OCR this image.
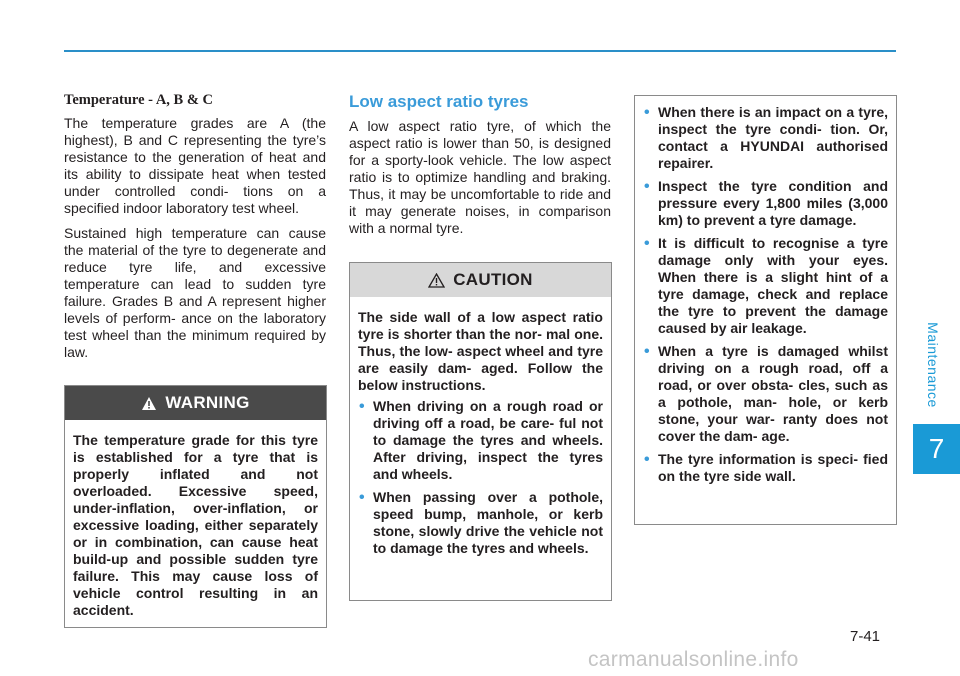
Maintenance
7
Temperature - A, B & C

The temperature grades are A (the highest), B and C representing the tyre’s resistance to the generation of heat and its ability to dissipate heat when tested under controlled condi- tions on a specified indoor laboratory test wheel.

Sustained high temperature can cause the material of the tyre to degenerate and reduce tyre life, and excessive temperature can lead to sudden tyre failure. Grades B and A represent higher levels of perform- ance on the laboratory test wheel than the minimum required by law.

WARNING

The temperature grade for this tyre is established for a tyre that is properly inflated and not overloaded. Excessive speed, under-inflation, over-inflation, or excessive loading, either separately or in combination, can cause heat build-up and possible sudden tyre failure. This may cause loss of vehicle control resulting in an accident.

Low aspect ratio tyres

A low aspect ratio tyre, of which the aspect ratio is lower than 50, is designed for a sporty-look vehicle. The low aspect ratio is to optimize handling and braking. Thus, it may be uncomfortable to ride and it may generate noises, in comparison with a normal tyre.

CAUTION

The side wall of a low aspect ratio tyre is shorter than the nor- mal one. Thus, the low- aspect wheel and tyre are easily dam- aged. Follow the below instructions.

• When driving on a rough road or driving off a road, be care- ful not to damage the tyres and wheels. After driving, inspect the tyres and wheels.
• When passing over a pothole, speed bump, manhole, or kerb stone, slowly drive the vehicle not to damage the tyres and wheels.
• When there is an impact on a tyre, inspect the tyre condi- tion. Or, contact a HYUNDAI authorised repairer.
• Inspect the tyre condition and pressure every 1,800 miles (3,000 km) to prevent a tyre damage.
• It is difficult to recognise a tyre damage only with your eyes. When there is a slight hint of a tyre damage, check and replace the tyre to prevent the damage caused by air leakage.
• When a tyre is damaged whilst driving on a rough road, off a road, or over obsta- cles, such as a pothole, man- hole, or kerb stone, your war- ranty does not cover the dam- age.
• The tyre information is speci- fied on the tyre side wall.
7-41
carmanualsonline.info
